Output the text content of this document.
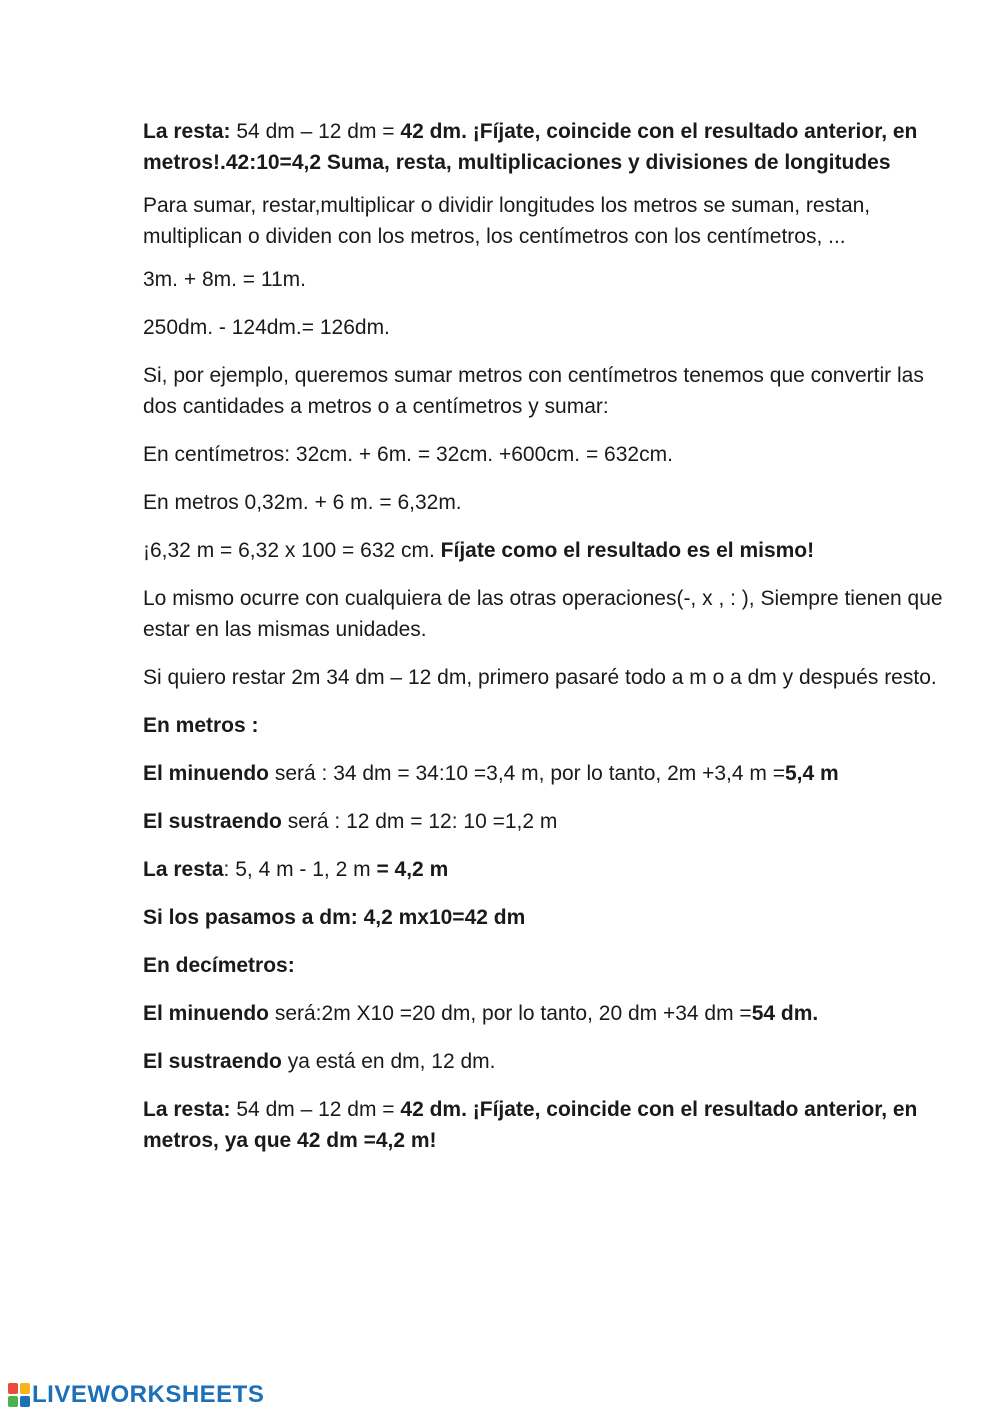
La resta: 54 dm – 12 dm = 42 dm. ¡Fíjate, coincide con el resultado anterior, en metros!.42:10=4,2 Suma, resta, multiplicaciones y divisiones de longitudes

Para sumar, restar,multiplicar o dividir longitudes los metros se suman, restan, multiplican o dividen con los metros, los centímetros con los centímetros, ...

3m. + 8m. = 11m.

250dm. - 124dm.= 126dm.

Si, por ejemplo, queremos sumar metros con centímetros tenemos que convertir las dos cantidades a metros o a centímetros y sumar:

En centímetros: 32cm. + 6m. = 32cm. +600cm. = 632cm.

En metros 0,32m. + 6 m. = 6,32m.

¡6,32 m = 6,32 x 100 = 632 cm. Fíjate como el resultado es el mismo!

Lo mismo ocurre con cualquiera de las otras operaciones(-, x , : ), Siempre tienen que estar en las mismas unidades.

Si quiero restar 2m 34 dm – 12 dm, primero pasaré todo a m o a dm y después resto.

En metros :

El minuendo será : 34 dm = 34:10 =3,4 m, por lo tanto, 2m +3,4 m =5,4 m

El sustraendo será : 12 dm = 12: 10 =1,2 m

La resta: 5, 4 m - 1, 2 m = 4,2 m

Si los pasamos a dm: 4,2 mx10=42 dm

En decímetros:

El minuendo será:2m X10 =20 dm, por lo tanto, 20 dm +34 dm =54 dm.

El sustraendo ya está en dm, 12 dm.

La resta: 54 dm – 12 dm = 42 dm. ¡Fíjate, coincide con el resultado anterior, en metros, ya que 42 dm =4,2 m!

LIVEWORKSHEETS
